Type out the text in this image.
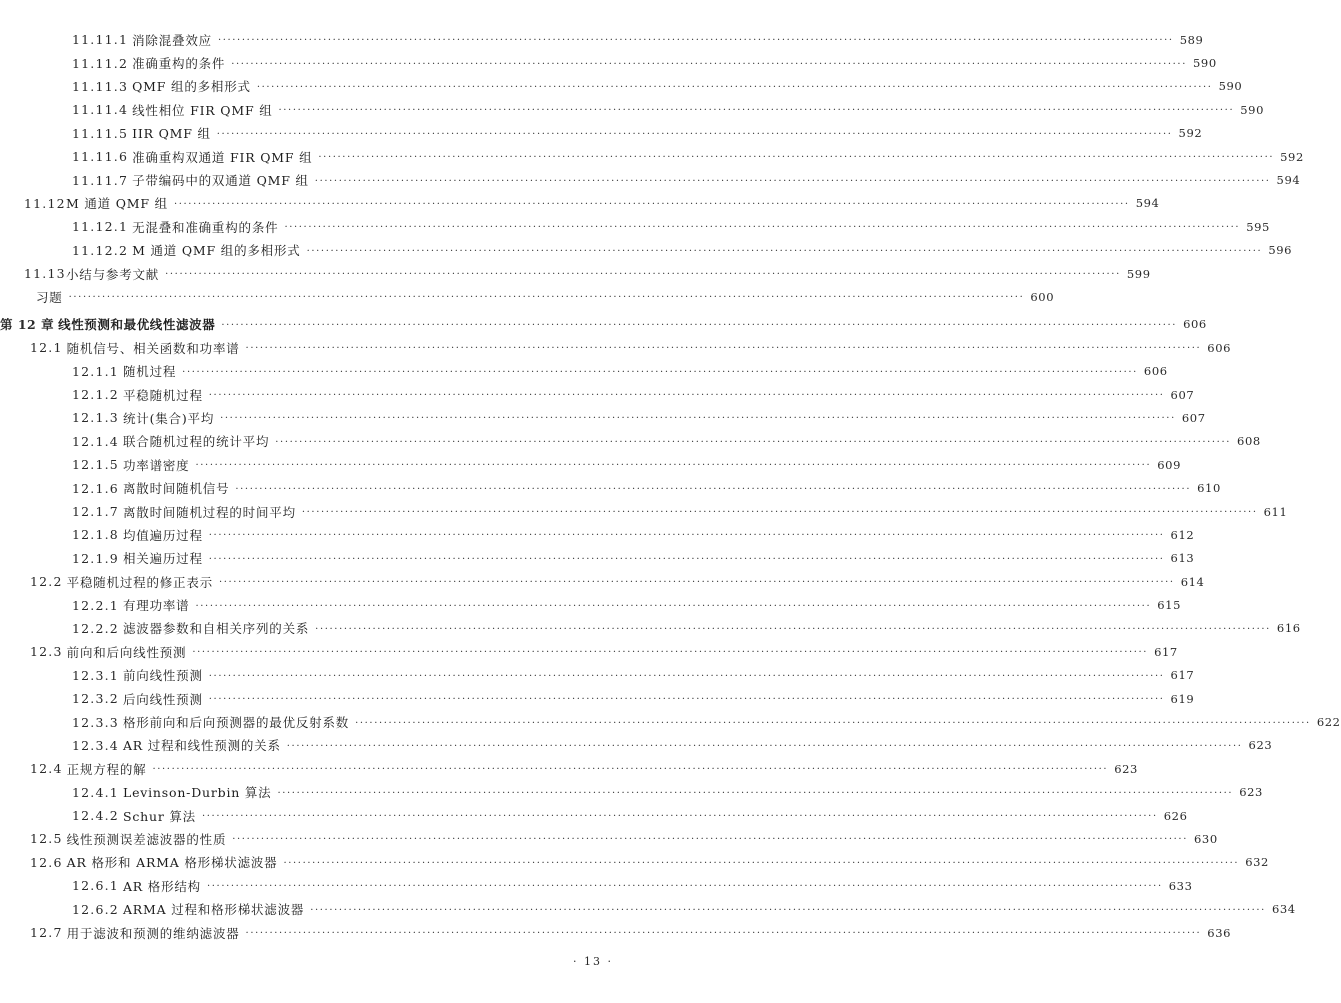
11.11.1 消除混叠效应 ········································································································································································································ 589
11.11.2 准确重构的条件 ········································································································································································································ 590
11.11.3 QMF 组的多相形式 ········································································································································································································ 590
11.11.4 线性相位 FIR QMF 组 ········································································································································································································ 590
11.11.5 IIR QMF 组 ········································································································································································································ 592
11.11.6 准确重构双通道 FIR QMF 组 ········································································································································································································ 592
11.11.7 子带编码中的双通道 QMF 组 ········································································································································································································ 594
11.12 M 通道 QMF 组 ········································································································································································································ 594
11.12.1 无混叠和准确重构的条件 ········································································································································································································ 595
11.12.2 M 通道 QMF 组的多相形式 ········································································································································································································ 596
11.13 小结与参考文献 ········································································································································································································ 599
习题 ········································································································································································································ 600
第 12 章 线性预测和最优线性滤波器 ········································································································································································································ 606
12.1 随机信号、相关函数和功率谱 ········································································································································································································ 606
12.1.1 随机过程 ········································································································································································································ 606
12.1.2 平稳随机过程 ········································································································································································································ 607
12.1.3 统计(集合)平均 ········································································································································································································ 607
12.1.4 联合随机过程的统计平均 ········································································································································································································ 608
12.1.5 功率谱密度 ········································································································································································································ 609
12.1.6 离散时间随机信号 ········································································································································································································ 610
12.1.7 离散时间随机过程的时间平均 ········································································································································································································ 611
12.1.8 均值遍历过程 ········································································································································································································ 612
12.1.9 相关遍历过程 ········································································································································································································ 613
12.2 平稳随机过程的修正表示 ········································································································································································································ 614
12.2.1 有理功率谱 ········································································································································································································ 615
12.2.2 滤波器参数和自相关序列的关系 ········································································································································································································ 616
12.3 前向和后向线性预测 ········································································································································································································ 617
12.3.1 前向线性预测 ········································································································································································································ 617
12.3.2 后向线性预测 ········································································································································································································ 619
12.3.3 格形前向和后向预测器的最优反射系数 ········································································································································································································ 622
12.3.4 AR 过程和线性预测的关系 ········································································································································································································ 623
12.4 正规方程的解 ········································································································································································································ 623
12.4.1 Levinson-Durbin 算法 ········································································································································································································ 623
12.4.2 Schur 算法 ········································································································································································································ 626
12.5 线性预测误差滤波器的性质 ········································································································································································································ 630
12.6 AR 格形和 ARMA 格形梯状滤波器 ········································································································································································································ 632
12.6.1 AR 格形结构 ········································································································································································································ 633
12.6.2 ARMA 过程和格形梯状滤波器 ········································································································································································································ 634
12.7 用于滤波和预测的维纳滤波器 ········································································································································································································ 636
· 13 ·
